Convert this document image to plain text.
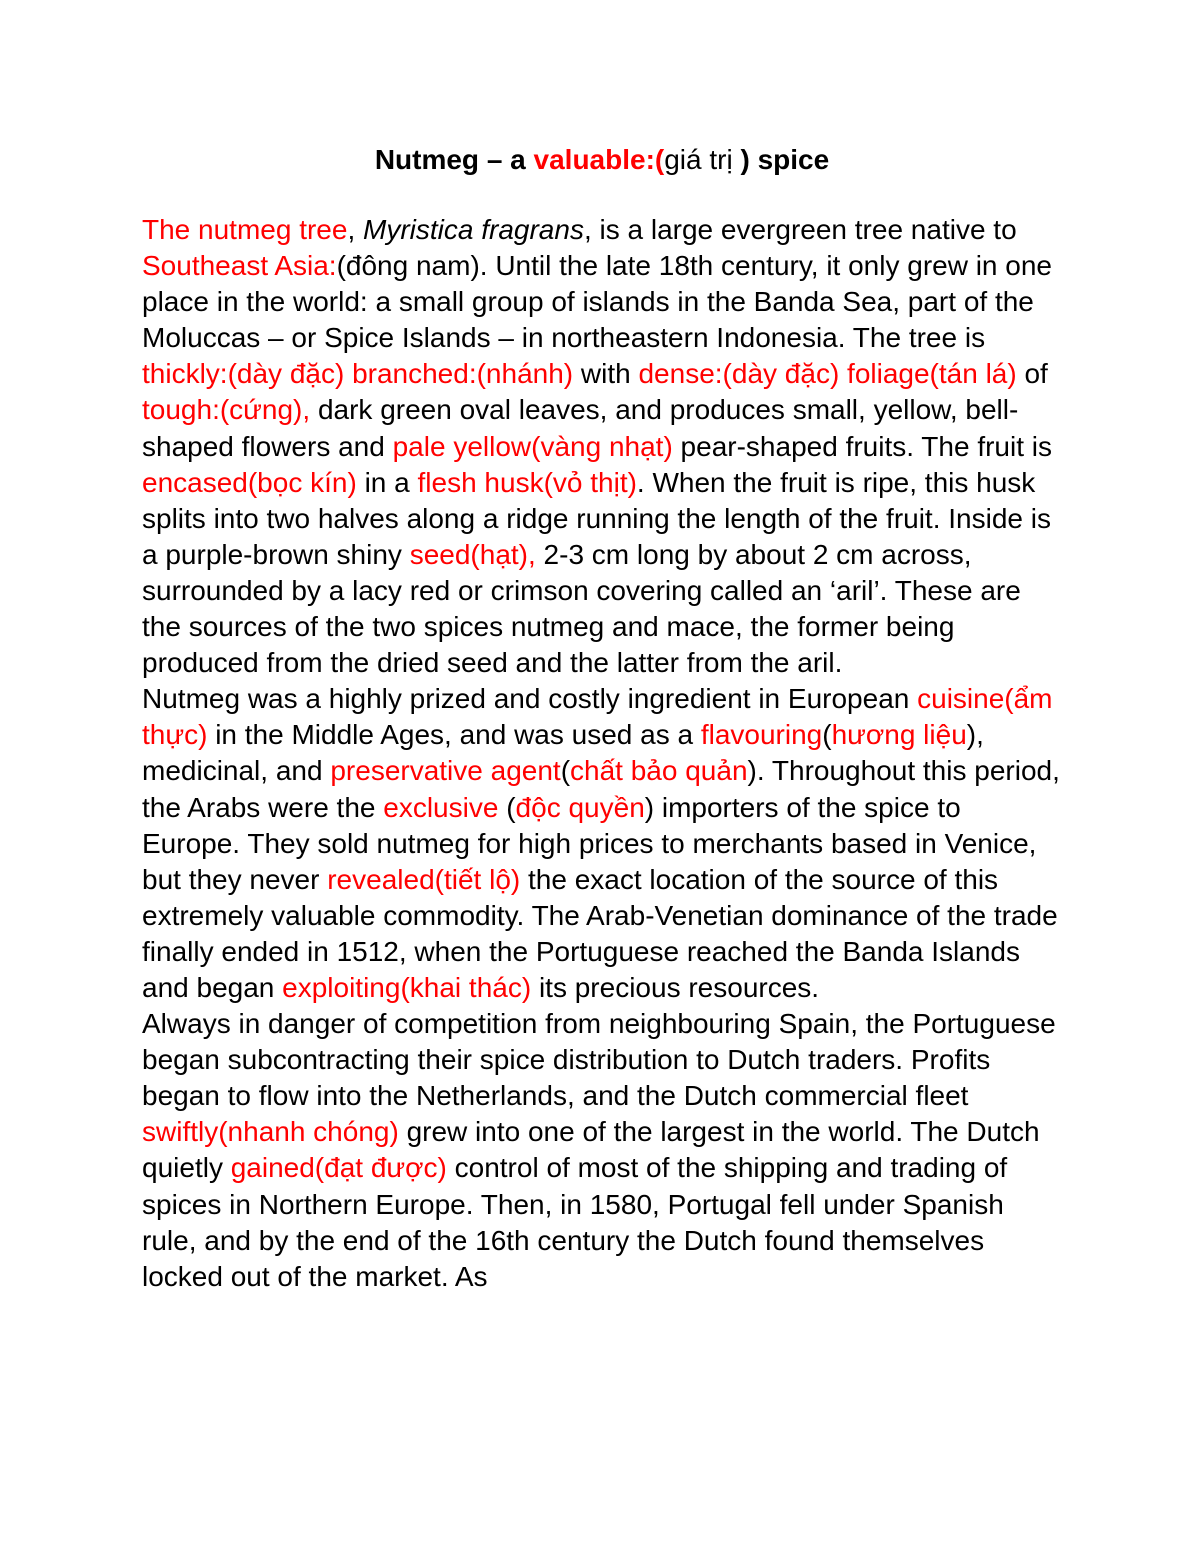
Nutmeg – a valuable:(giá trị ) spice

The nutmeg tree, Myristica fragrans, is a large evergreen tree native to Southeast Asia:(đông nam). Until the late 18th century, it only grew in one place in the world: a small group of islands in the Banda Sea, part of the Moluccas – or Spice Islands – in northeastern Indonesia. The tree is thickly:(dày đặc) branched:(nhánh) with dense:(dày đặc) foliage(tán lá) of tough:(cứng), dark green oval leaves, and produces small, yellow, bell-shaped flowers and pale yellow(vàng nhạt) pear-shaped fruits. The fruit is encased(bọc kín) in a flesh husk(vỏ thịt). When the fruit is ripe, this husk splits into two halves along a ridge running the length of the fruit. Inside is a purple-brown shiny seed(hạt), 2-3 cm long by about 2 cm across, surrounded by a lacy red or crimson covering called an ‘aril’. These are the sources of the two spices nutmeg and mace, the former being produced from the dried seed and the latter from the aril.

Nutmeg was a highly prized and costly ingredient in European cuisine(ẩm thực) in the Middle Ages, and was used as a flavouring(hương liệu), medicinal, and preservative agent(chất bảo quản). Throughout this period, the Arabs were the exclusive (độc quyền) importers of the spice to Europe. They sold nutmeg for high prices to merchants based in Venice, but they never revealed(tiết lộ) the exact location of the source of this extremely valuable commodity. The Arab-Venetian dominance of the trade finally ended in 1512, when the Portuguese reached the Banda Islands and began exploiting(khai thác) its precious resources.

Always in danger of competition from neighbouring Spain, the Portuguese began subcontracting their spice distribution to Dutch traders. Profits began to flow into the Netherlands, and the Dutch commercial fleet swiftly(nhanh chóng) grew into one of the largest in the world. The Dutch quietly gained(đạt được) control of most of the shipping and trading of spices in Northern Europe. Then, in 1580, Portugal fell under Spanish rule, and by the end of the 16th century the Dutch found themselves locked out of the market. As
